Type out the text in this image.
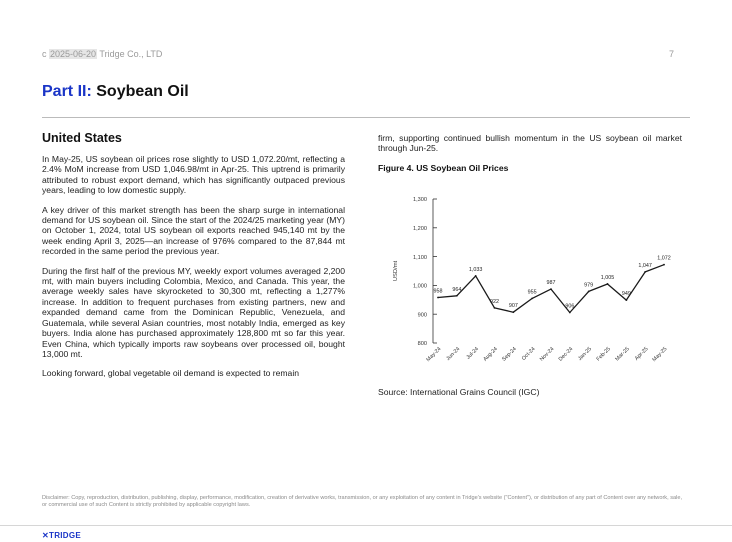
c 2025-06-20 Tridge Co., LTD	7
Part II: Soybean Oil
United States

In May-25, US soybean oil prices rose slightly to USD 1,072.20/mt, reflecting a 2.4% MoM increase from USD 1,046.98/mt in Apr-25. This uptrend is primarily attributed to robust export demand, which has significantly outpaced previous years, leading to low domestic supply.

A key driver of this market strength has been the sharp surge in international demand for US soybean oil. Since the start of the 2024/25 marketing year (MY) on October 1, 2024, total US soybean oil exports reached 945,140 mt by the week ending April 3, 2025—an increase of 976% compared to the 87,844 mt recorded in the same period the previous year.

During the first half of the previous MY, weekly export volumes averaged 2,200 mt, with main buyers including Colombia, Mexico, and Canada. This year, the average weekly sales have skyrocketed to 30,300 mt, reflecting a 1,277% increase. In addition to frequent purchases from existing partners, new and expanded demand came from the Dominican Republic, Venezuela, and Guatemala, while several Asian countries, most notably India, emerged as key buyers. India alone has purchased approximately 128,800 mt so far this year. Even China, which typically imports raw soybeans over processed oil, bought 13,000 mt.

Looking forward, global vegetable oil demand is expected to remain

firm, supporting continued bullish momentum in the US soybean oil market through Jun-25.

Figure 4. US Soybean Oil Prices
800
900
1,000
1,100
1,200
1,300
USD/mt
958
May-24
964
Jun-24
1,033
Jul-24
922
Aug-24
907
Sep-24
955
Oct-24
987
Nov-24
906
Dec-24
979
Jan-25
1,005
Feb-25
949
Mar-25
1,047
Apr-25
1,072
May-25
Source: International Grains Council (IGC)
Disclaimer: Copy, reproduction, distribution, publishing, display, performance, modification, creation of derivative works, transmission, or any exploitation of any content in Tridge's website ("Content"), or distribution of any part of Content over any network, sale, or commercial use of such Content is strictly prohibited by applicable copyright laws.
✕TRIDGE
